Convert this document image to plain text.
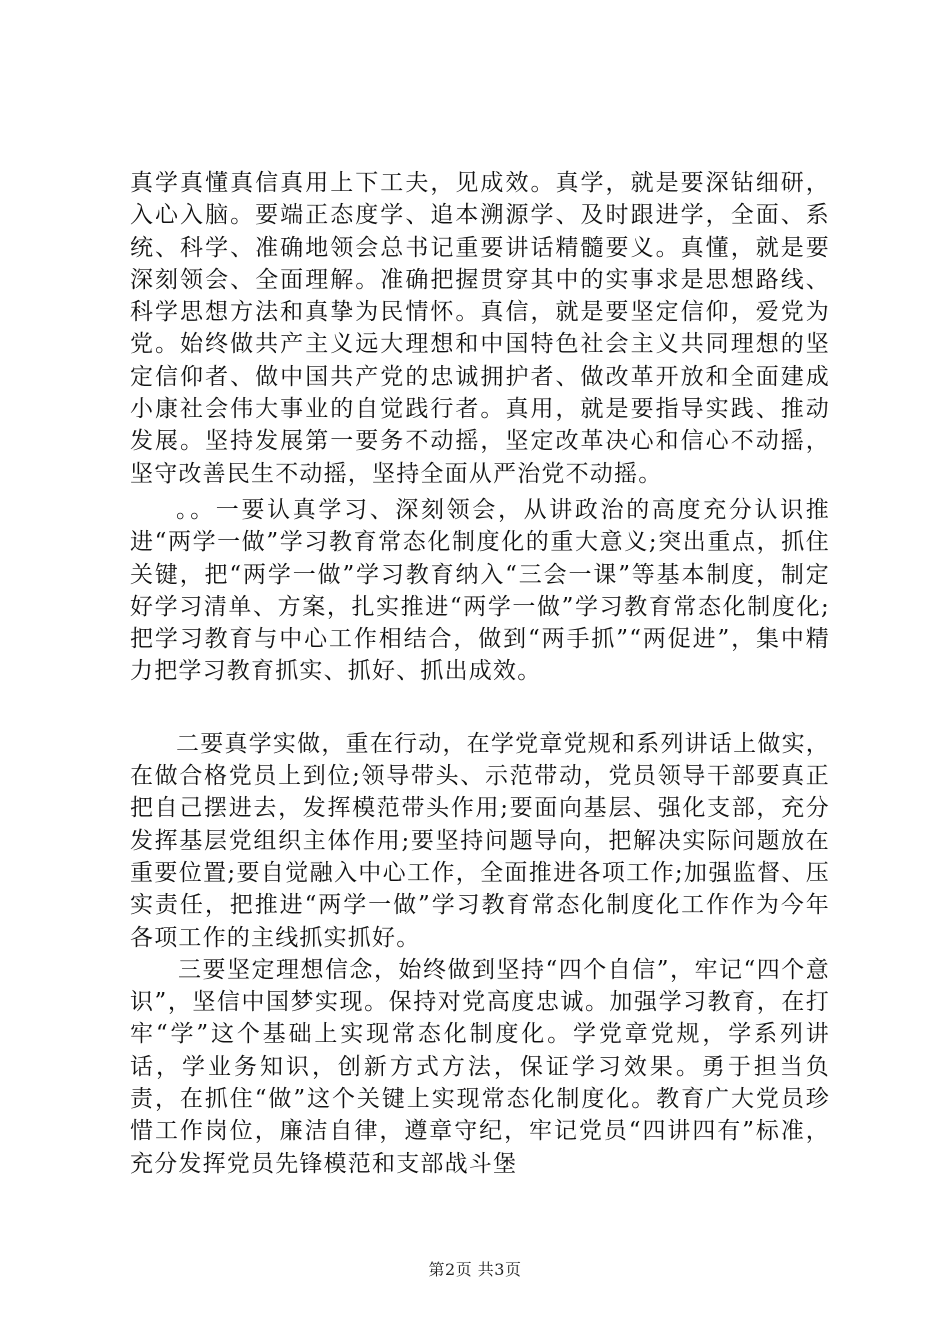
真学真懂真信真用上下工夫，见成效。真学，就是要深钻细研，入心入脑。要端正态度学、追本溯源学、及时跟进学，全面、系统、科学、准确地领会总书记重要讲话精髓要义。真懂，就是要深刻领会、全面理解。准确把握贯穿其中的实事求是思想路线、科学思想方法和真挚为民情怀。真信，就是要坚定信仰，爱党为党。始终做共产主义远大理想和中国特色社会主义共同理想的坚定信仰者、做中国共产党的忠诚拥护者、做改革开放和全面建成小康社会伟大事业的自觉践行者。真用，就是要指导实践、推动发展。坚持发展第一要务不动摇，坚定改革决心和信心不动摇，坚守改善民生不动摇，坚持全面从严治党不动摇。

。。一要认真学习、深刻领会，从讲政治的高度充分认识推进“两学一做”学习教育常态化制度化的重大意义;突出重点，抓住关键，把“两学一做”学习教育纳入“三会一课”等基本制度，制定好学习清单、方案，扎实推进“两学一做”学习教育常态化制度化;把学习教育与中心工作相结合，做到“两手抓”“两促进”，集中精力把学习教育抓实、抓好、抓出成效。

二要真学实做，重在行动，在学党章党规和系列讲话上做实，在做合格党员上到位;领导带头、示范带动，党员领导干部要真正把自己摆进去，发挥模范带头作用;要面向基层、强化支部，充分发挥基层党组织主体作用;要坚持问题导向，把解决实际问题放在重要位置;要自觉融入中心工作，全面推进各项工作;加强监督、压实责任，把推进“两学一做”学习教育常态化制度化工作作为今年各项工作的主线抓实抓好。

三要坚定理想信念，始终做到坚持“四个自信”，牢记“四个意识”，坚信中国梦实现。保持对党高度忠诚。加强学习教育，在打牢“学”这个基础上实现常态化制度化。学党章党规，学系列讲话，学业务知识，创新方式方法，保证学习效果。勇于担当负责，在抓住“做”这个关键上实现常态化制度化。教育广大党员珍惜工作岗位，廉洁自律，遵章守纪，牢记党员“四讲四有”标准，充分发挥党员先锋模范和支部战斗堡

第2页 共3页
